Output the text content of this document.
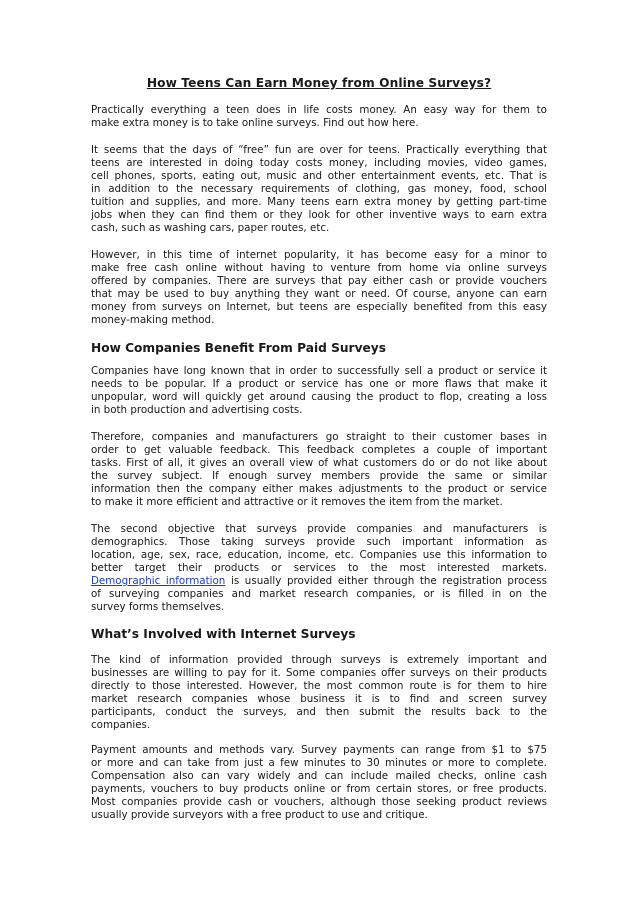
How Teens Can Earn Money from Online Surveys?

Practically everything a teen does in life costs money. An easy way for them to
make extra money is to take online surveys. Find out how here.

It seems that the days of “free” fun are over for teens. Practically everything that
teens are interested in doing today costs money, including movies, video games,
cell phones, sports, eating out, music and other entertainment events, etc. That is
in addition to the necessary requirements of clothing, gas money, food, school
tuition and supplies, and more. Many teens earn extra money by getting part-time
jobs when they can find them or they look for other inventive ways to earn extra
cash, such as washing cars, paper routes, etc.

However, in this time of internet popularity, it has become easy for a minor to
make free cash online without having to venture from home via online surveys
offered by companies. There are surveys that pay either cash or provide vouchers
that may be used to buy anything they want or need. Of course, anyone can earn
money from surveys on Internet, but teens are especially benefited from this easy
money-making method.

How Companies Benefit From Paid Surveys

Companies have long known that in order to successfully sell a product or service it
needs to be popular. If a product or service has one or more flaws that make it
unpopular, word will quickly get around causing the product to flop, creating a loss
in both production and advertising costs.

Therefore, companies and manufacturers go straight to their customer bases in
order to get valuable feedback. This feedback completes a couple of important
tasks. First of all, it gives an overall view of what customers do or do not like about
the survey subject. If enough survey members provide the same or similar
information then the company either makes adjustments to the product or service
to make it more efficient and attractive or it removes the item from the market.

The second objective that surveys provide companies and manufacturers is
demographics. Those taking surveys provide such important information as
location, age, sex, race, education, income, etc. Companies use this information to
better target their products or services to the most interested markets.
Demographic information is usually provided either through the registration process
of surveying companies and market research companies, or is filled in on the
survey forms themselves.

What’s Involved with Internet Surveys

The kind of information provided through surveys is extremely important and
businesses are willing to pay for it. Some companies offer surveys on their products
directly to those interested. However, the most common route is for them to hire
market research companies whose business it is to find and screen survey
participants, conduct the surveys, and then submit the results back to the
companies.

Payment amounts and methods vary. Survey payments can range from $1 to $75
or more and can take from just a few minutes to 30 minutes or more to complete.
Compensation also can vary widely and can include mailed checks, online cash
payments, vouchers to buy products online or from certain stores, or free products.
Most companies provide cash or vouchers, although those seeking product reviews
usually provide surveyors with a free product to use and critique.
